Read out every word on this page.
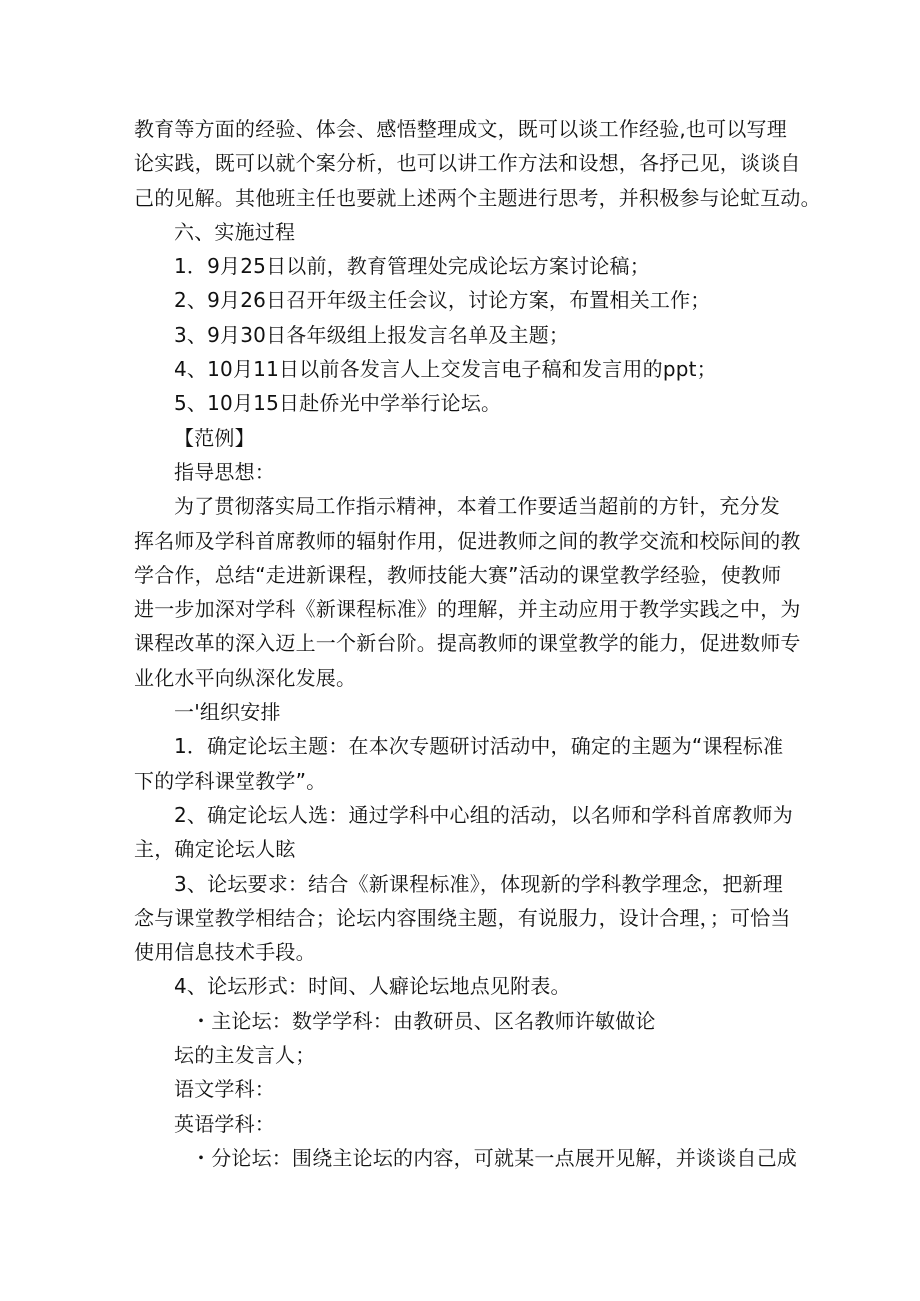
教育等方面的经验、体会、感悟整理成文，既可以谈工作经验,也可以写理

论实践，既可以就个案分析，也可以讲工作方法和设想，各抒己见，谈谈自

己的见解。其他班主任也要就上述两个主题进行思考，并积极参与论虻互动。

六、实施过程

1．9月25日以前，教育管理处完成论坛方案讨论稿；

2、9月26日召开年级主任会议，讨论方案，布置相关工作；

3、9月30日各年级组上报发言名单及主题；

4、10月11日以前各发言人上交发言电子稿和发言用的ppt；

5、10月15日赴侨光中学举行论坛。

【范例】

指导思想：

为了贯彻落实局工作指示精神，本着工作要适当超前的方针，充分发

挥名师及学科首席教师的辐射作用，促进教师之间的教学交流和校际间的教

学合作，总结“走进新课程，教师技能大赛”活动的课堂教学经验，使教师

进一步加深对学科《新课程标准》的理解，并主动应用于教学实践之中，为

课程改革的深入迈上一个新台阶。提高教师的课堂教学的能力，促进数师专

业化水平向纵深化发展。

一'组织安排

1．确定论坛主题：在本次专题研讨活动中，确定的主题为“课程标准

下的学科课堂教学”。

2、确定论坛人选：通过学科中心组的活动，以名师和学科首席教师为

主，确定论坛人眩

3、论坛要求：结合《新课程标准》，体现新的学科教学理念，把新理

念与课堂教学相结合；论坛内容围绕主题，有说服力，设计合理，；可恰当

使用信息技术手段。

4、论坛形式：时间、人癖论坛地点见附表。

・主论坛：数学学科：由教研员、区名教师许敏做论

坛的主发言人；

语文学科：

英语学科：

・分论坛：围绕主论坛的内容，可就某一点展开见解，并谈谈自己成
